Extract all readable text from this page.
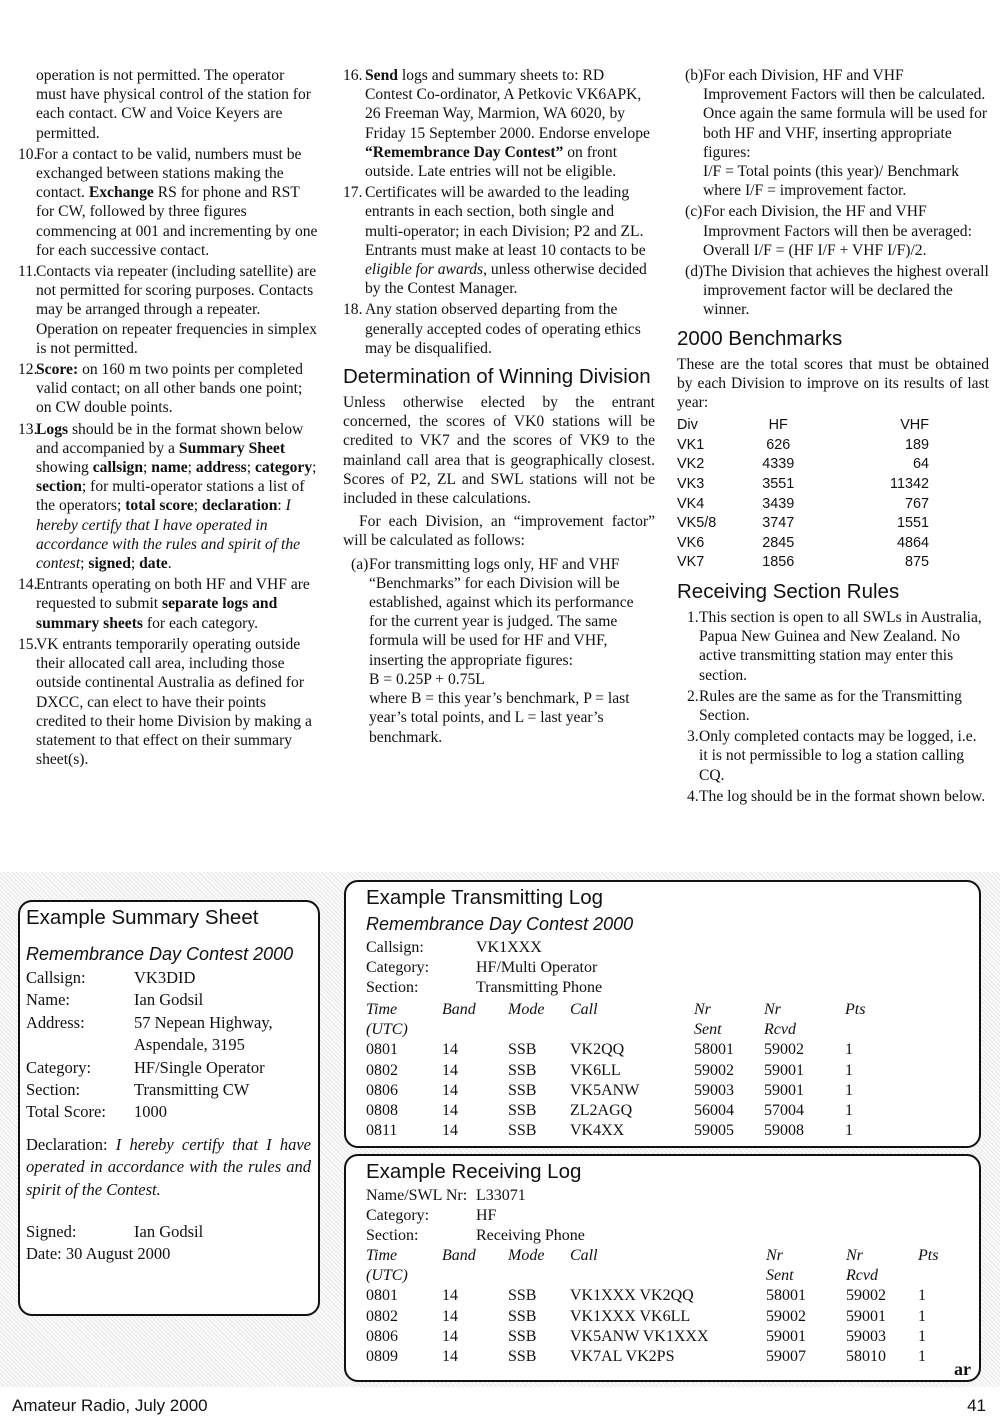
operation is not permitted. The operator must have physical control of the station for each contact. CW and Voice Keyers are permitted.
10.
For a contact to be valid, numbers must be exchanged between stations making the contact. Exchange RS for phone and RST for CW, followed by three figures commencing at 001 and incrementing by one for each successive contact.
11. Contacts via repeater (including satellite) are not permitted for scoring purposes. Contacts may be arranged through a repeater. Operation on repeater frequencies in simplex is not permitted.
12.
Score: on 160 m two points per completed valid contact; on all other bands one point; on CW double points.
13.
Logs should be in the format shown below and accompanied by a Summary Sheet showing callsign; name; address; category; section; for multi-operator stations a list of the operators; total score; declaration: I hereby certify that I have operated in accordance with the rules and spirit of the contest; signed; date.
14.
Entrants operating on both HF and VHF are requested to submit separate logs and summary sheets for each category.
15.
VK entrants temporarily operating outside their allocated call area, including those outside continental Australia as defined for DXCC, can elect to have their points credited to their home Division by making a statement to that effect on their summary sheet(s).
16. Send logs and summary sheets to: RD Contest Co-ordinator, A Petkovic VK6APK, 26 Freeman Way, Marmion, WA 6020, by Friday 15 September 2000. Endorse envelope “Remembrance Day Contest” on front outside. Late entries will not be eligible.
17. Certificates will be awarded to the leading entrants in each section, both single and multi-operator; in each Division; P2 and ZL. Entrants must make at least 10 contacts to be eligible for awards, unless otherwise decided by the Contest Manager.
18. Any station observed departing from the generally accepted codes of operating ethics may be disqualified.
Determination of Winning Division

Unless otherwise elected by the entrant concerned, the scores of VK0 stations will be credited to VK7 and the scores of VK9 to the mainland call area that is geographically closest. Scores of P2, ZL and SWL stations will not be included in these calculations.

For each Division, an “improvement factor” will be calculated as follows:

(a) For transmitting logs only, HF and VHF “Benchmarks” for each Division will be established, against which its performance for the current year is judged. The same formula will be used for HF and VHF, inserting the appropriate figures:
B = 0.25P + 0.75L
where B = this year’s benchmark, P = last year’s total points, and L = last year’s benchmark.
(b) For each Division, HF and VHF Improvement Factors will then be calculated. Once again the same formula will be used for both HF and VHF, inserting appropriate figures:
I/F = Total points (this year)/ Benchmark
where I/F = improvement factor.
(c) For each Division, the HF and VHF Improvment Factors will then be averaged:
Overall I/F = (HF I/F + VHF I/F)/2.
(d) The Division that achieves the highest overall improvement factor will be declared the winner.
2000 Benchmarks

These are the total scores that must be obtained by each Division to improve on its results of last year:

Div	HF	VHF
VK1	626	189
VK2	4339	64
VK3	3551	11342
VK4	3439	767
VK5/8	3747	1551
VK6	2845	4864
VK7	1856	875
Receiving Section Rules
1. This section is open to all SWLs in Australia, Papua New Guinea and New Zealand. No active transmitting station may enter this section.
2. Rules are the same as for the Transmitting Section.
3. Only completed contacts may be logged, i.e. it is not permissible to log a station calling CQ.
4. The log should be in the format shown below.
Example Summary Sheet
Remembrance Day Contest 2000
Callsign:	VK3DID
Name:	Ian Godsil
Address:	57 Nepean Highway, Aspendale, 3195
Category:	HF/Single Operator
Section:	Transmitting CW
Total Score: 1000
Declaration: I hereby certify that I have operated in accordance with the rules and spirit of the Contest.
Signed:	Ian Godsil
Date: 30 August 2000
Example Transmitting Log
Remembrance Day Contest 2000
Callsign:	VK1XXX
Category:	HF/Multi Operator
Section:	Transmitting Phone
Time	Band	Mode	Call	Nr	Nr	Pts
(UTC)				Sent	Rcvd	
0801	14	SSB	VK2QQ	58001	59002	1
0802	14	SSB	VK6LL	59002	59001	1
0806	14	SSB	VK5ANW	59003	59001	1
0808	14	SSB	ZL2AGQ	56004	57004	1
0811	14	SSB	VK4XX	59005	59008	1
Example Receiving Log
Name/SWL Nr: L33071
Category:	HF
Section:	Receiving Phone
Time	Band	Mode	Call	Nr	Nr	Pts
(UTC)				Sent	Rcvd	
0801	14	SSB	VK1XXX VK2QQ	58001	59002	1
0802	14	SSB	VK1XXX VK6LL	59002	59001	1
0806	14	SSB	VK5ANW VK1XXX	59001	59003	1
0809	14	SSB	VK7AL VK2PS	59007	58010	1
ar
Amateur Radio, July 2000	41
